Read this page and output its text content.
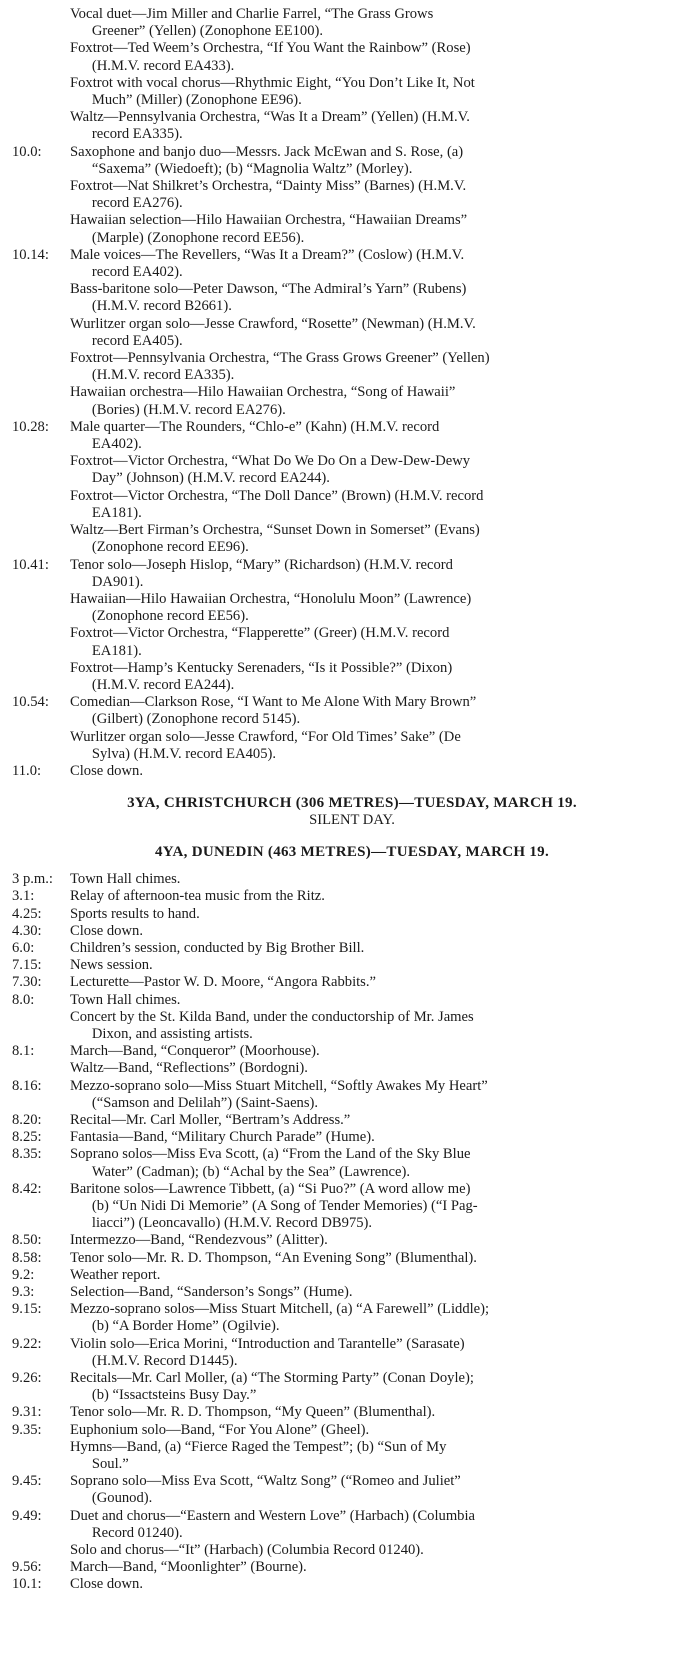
Vocal duet—Jim Miller and Charlie Farrel, “The Grass Grows
Greener” (Yellen) (Zonophone EE100).
Foxtrot—Ted Weem’s Orchestra, “If You Want the Rainbow” (Rose)
(H.M.V. record EA433).
Foxtrot with vocal chorus—Rhythmic Eight, “You Don’t Like It, Not
Much” (Miller) (Zonophone EE96).
Waltz—Pennsylvania Orchestra, “Was It a Dream” (Yellen) (H.M.V.
record EA335).
10.0:	Saxophone and banjo duo—Messrs. Jack McEwan and S. Rose, (a)
“Saxema” (Wiedoeft); (b) “Magnolia Waltz” (Morley).
Foxtrot—Nat Shilkret’s Orchestra, “Dainty Miss” (Barnes) (H.M.V.
record EA276).
Hawaiian selection—Hilo Hawaiian Orchestra, “Hawaiian Dreams”
(Marple) (Zonophone record EE56).
10.14:	Male voices—The Revellers, “Was It a Dream?” (Coslow) (H.M.V.
record EA402).
Bass-baritone solo—Peter Dawson, “The Admiral’s Yarn” (Rubens)
(H.M.V. record B2661).
Wurlitzer organ solo—Jesse Crawford, “Rosette” (Newman) (H.M.V.
record EA405).
Foxtrot—Pennsylvania Orchestra, “The Grass Grows Greener” (Yellen)
(H.M.V. record EA335).
Hawaiian orchestra—Hilo Hawaiian Orchestra, “Song of Hawaii”
(Bories) (H.M.V. record EA276).
10.28:	Male quarter—The Rounders, “Chlo-e” (Kahn) (H.M.V. record
EA402).
Foxtrot—Victor Orchestra, “What Do We Do On a Dew-Dew-Dewy
Day” (Johnson) (H.M.V. record EA244).
Foxtrot—Victor Orchestra, “The Doll Dance” (Brown) (H.M.V. record
EA181).
Waltz—Bert Firman’s Orchestra, “Sunset Down in Somerset” (Evans)
(Zonophone record EE96).
10.41:	Tenor solo—Joseph Hislop, “Mary” (Richardson) (H.M.V. record
DA901).
Hawaiian—Hilo Hawaiian Orchestra, “Honolulu Moon” (Lawrence)
(Zonophone record EE56).
Foxtrot—Victor Orchestra, “Flapperette” (Greer) (H.M.V. record
EA181).
Foxtrot—Hamp’s Kentucky Serenaders, “Is it Possible?” (Dixon)
(H.M.V. record EA244).
10.54:	Comedian—Clarkson Rose, “I Want to Me Alone With Mary Brown”
(Gilbert) (Zonophone record 5145).
Wurlitzer organ solo—Jesse Crawford, “For Old Times’ Sake” (De
Sylva) (H.M.V. record EA405).
11.0:	Close down.
3YA, CHRISTCHURCH (306 METRES)—TUESDAY, MARCH 19.
SILENT DAY.
4YA, DUNEDIN (463 METRES)—TUESDAY, MARCH 19.
3 p.m.:	Town Hall chimes.
3.1:	Relay of afternoon-tea music from the Ritz.
4.25:	Sports results to hand.
4.30:	Close down.
6.0:	Children’s session, conducted by Big Brother Bill.
7.15:	News session.
7.30:	Lecturette—Pastor W. D. Moore, “Angora Rabbits.”
8.0:	Town Hall chimes.
Concert by the St. Kilda Band, under the conductorship of Mr. James
Dixon, and assisting artists.
8.1:	March—Band, “Conqueror” (Moorhouse).
Waltz—Band, “Reflections” (Bordogni).
8.16:	Mezzo-soprano solo—Miss Stuart Mitchell, “Softly Awakes My Heart”
(“Samson and Delilah”) (Saint-Saens).
8.20:	Recital—Mr. Carl Moller, “Bertram’s Address.”
8.25:	Fantasia—Band, “Military Church Parade” (Hume).
8.35:	Soprano solos—Miss Eva Scott, (a) “From the Land of the Sky Blue
Water” (Cadman); (b) “Achal by the Sea” (Lawrence).
8.42:	Baritone solos—Lawrence Tibbett, (a) “Si Puo?” (A word allow me)
(b) “Un Nidi Di Memorie” (A Song of Tender Memories) (“I Pag-
liacci”) (Leoncavallo) (H.M.V. Record DB975).
8.50:	Intermezzo—Band, “Rendezvous” (Alitter).
8.58:	Tenor solo—Mr. R. D. Thompson, “An Evening Song” (Blumenthal).
9.2:	Weather report.
9.3:	Selection—Band, “Sanderson’s Songs” (Hume).
9.15:	Mezzo-soprano solos—Miss Stuart Mitchell, (a) “A Farewell” (Liddle);
(b) “A Border Home” (Ogilvie).
9.22:	Violin solo—Erica Morini, “Introduction and Tarantelle” (Sarasate)
(H.M.V. Record D1445).
9.26:	Recitals—Mr. Carl Moller, (a) “The Storming Party” (Conan Doyle);
(b) “Issactsteins Busy Day.”
9.31:	Tenor solo—Mr. R. D. Thompson, “My Queen” (Blumenthal).
9.35:	Euphonium solo—Band, “For You Alone” (Gheel).
Hymns—Band, (a) “Fierce Raged the Tempest”; (b) “Sun of My
Soul.”
9.45:	Soprano solo—Miss Eva Scott, “Waltz Song” (“Romeo and Juliet”
(Gounod).
9.49:	Duet and chorus—“Eastern and Western Love” (Harbach) (Columbia
Record 01240).
Solo and chorus—“It” (Harbach) (Columbia Record 01240).
9.56:	March—Band, “Moonlighter” (Bourne).
10.1:	Close down.
